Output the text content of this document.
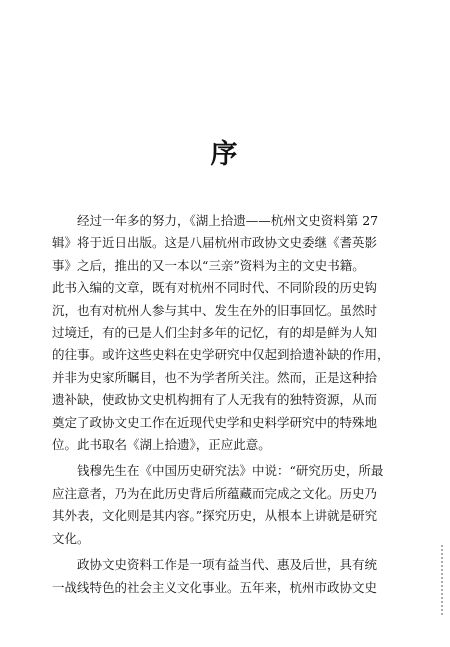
序

经过一年多的努力，《湖上拾遗——杭州文史资料第 27
辑》将于近日出版。这是八届杭州市政协文史委继《耆英影
事》之后，推出的又一本以“三亲”资料为主的文史书籍。
此书入编的文章，既有对杭州不同时代、不同阶段的历史钩
沉，也有对杭州人参与其中、发生在外的旧事回忆。虽然时
过境迁，有的已是人们尘封多年的记忆，有的却是鲜为人知
的往事。或许这些史料在史学研究中仅起到拾遗补缺的作用，
并非为史家所瞩目，也不为学者所关注。然而，正是这种拾
遗补缺，使政协文史机构拥有了人无我有的独特资源，从而
奠定了政协文史工作在近现代史学和史料学研究中的特殊地
位。此书取名《湖上拾遗》，正应此意。

钱穆先生在《中国历史研究法》中说：“研究历史，所最
应注意者，乃为在此历史背后所蕴藏而完成之文化。历史乃
其外表，文化则是其内容。”探究历史，从根本上讲就是研究
文化。

政协文史资料工作是一项有益当代、惠及后世，具有统
一战线特色的社会主义文化事业。五年来，杭州市政协文史
